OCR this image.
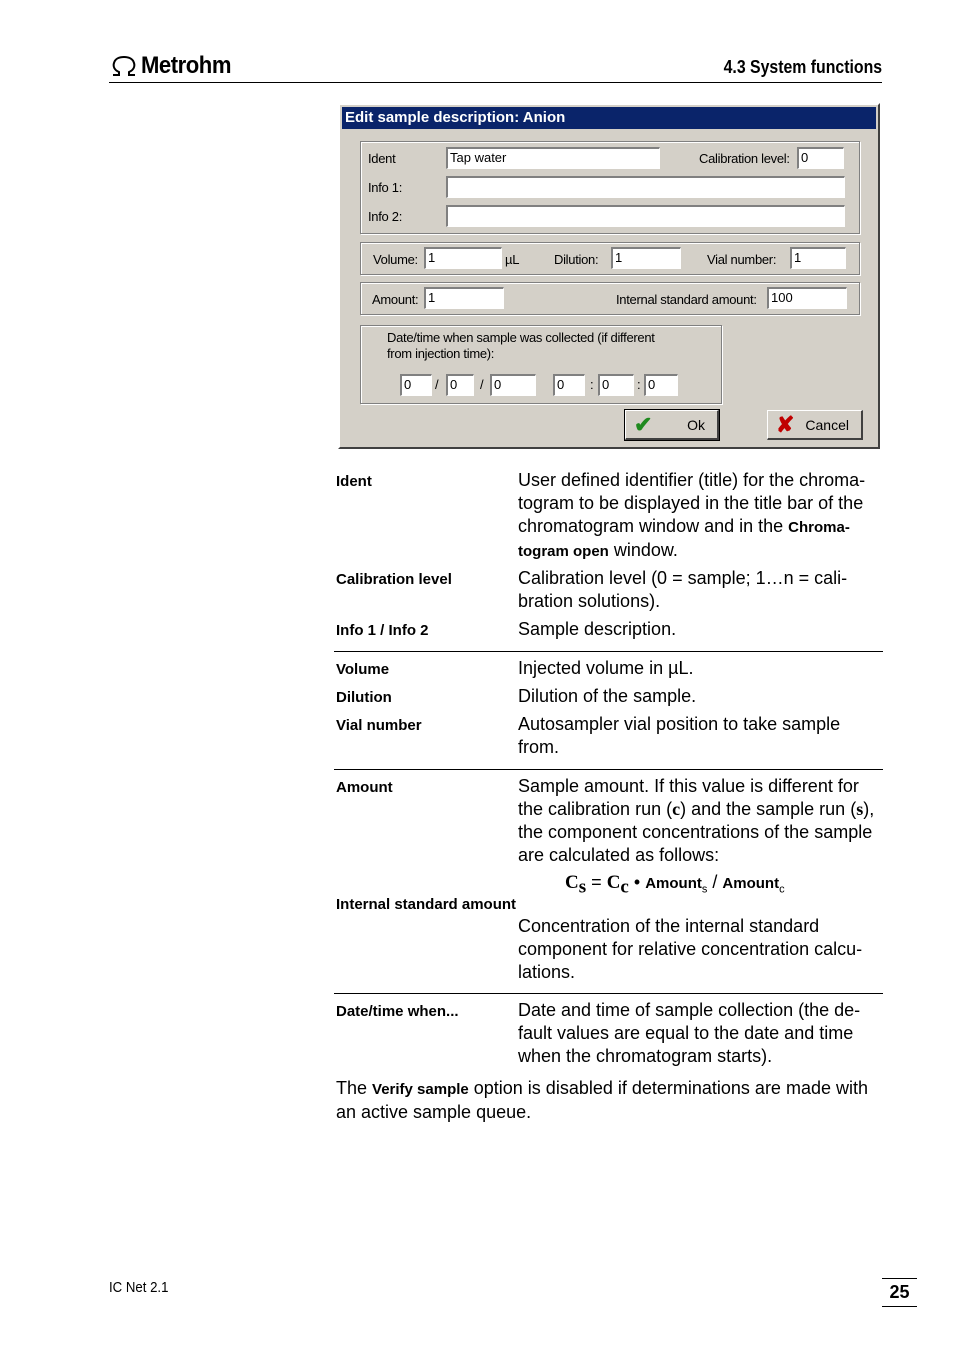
Metrohm	4.3 System functions
Edit sample description: Anion
Ident	Tap water	Calibration level: 0
Info 1:
Info 2:
Volume: 1	µL	Dilution:	1	Vial number:	1
Amount: 1	Internal standard amount:	100
Date/time when sample was collected (if different
from injection time):
0	/ 0	/ 0	0	: 0	: 0
✔	Ok	✘ Cancel
Ident	User defined identifier (title) for the chroma-togram to be displayed in the title bar of the chromatogram window and in the Chroma-togram open window.
Calibration level	Calibration level (0 = sample; 1…n = cali-bration solutions).
Info 1 / Info 2	Sample description.
Volume	Injected volume in µL.
Dilution	Dilution of the sample.
Vial number	Autosampler vial position to take sample from.
Amount	Sample amount. If this value is different for the calibration run (c) and the sample run (s), the component concentrations of the sample are calculated as follows:
$C_s = C_c$ • Amount$_s$ / Amount$_c$
Internal standard amount
Concentration of the internal standard component for relative concentration calcu-lations.
Date/time when...	Date and time of sample collection (the de-fault values are equal to the date and time when the chromatogram starts).
The Verify sample option is disabled if determinations are made with an active sample queue.
IC Net 2.1	25
